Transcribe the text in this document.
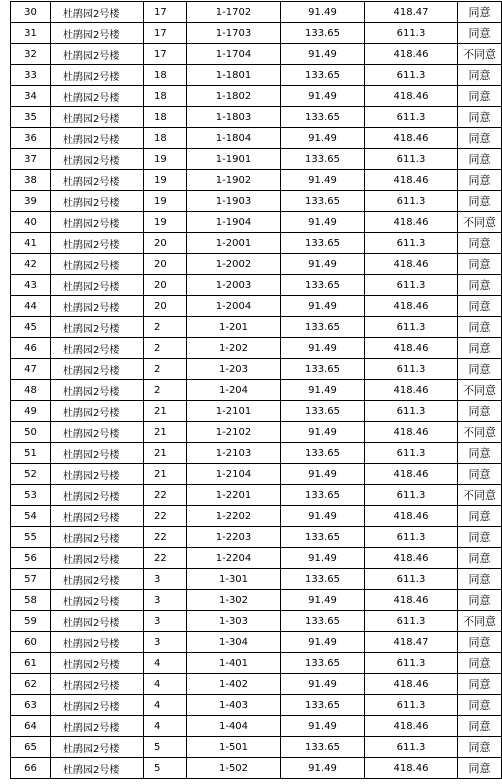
30	杜鹃园2号楼	17	1-1702	91.49	418.47	同意
31	杜鹃园2号楼	17	1-1703	133.65	611.3	同意
32	杜鹃园2号楼	17	1-1704	91.49	418.46	不同意
33	杜鹃园2号楼	18	1-1801	133.65	611.3	同意
34	杜鹃园2号楼	18	1-1802	91.49	418.46	同意
35	杜鹃园2号楼	18	1-1803	133.65	611.3	同意
36	杜鹃园2号楼	18	1-1804	91.49	418.46	同意
37	杜鹃园2号楼	19	1-1901	133.65	611.3	同意
38	杜鹃园2号楼	19	1-1902	91.49	418.46	同意
39	杜鹃园2号楼	19	1-1903	133.65	611.3	同意
40	杜鹃园2号楼	19	1-1904	91.49	418.46	不同意
41	杜鹃园2号楼	20	1-2001	133.65	611.3	同意
42	杜鹃园2号楼	20	1-2002	91.49	418.46	同意
43	杜鹃园2号楼	20	1-2003	133.65	611.3	同意
44	杜鹃园2号楼	20	1-2004	91.49	418.46	同意
45	杜鹃园2号楼	2	1-201	133.65	611.3	同意
46	杜鹃园2号楼	2	1-202	91.49	418.46	同意
47	杜鹃园2号楼	2	1-203	133.65	611.3	同意
48	杜鹃园2号楼	2	1-204	91.49	418.46	不同意
49	杜鹃园2号楼	21	1-2101	133.65	611.3	同意
50	杜鹃园2号楼	21	1-2102	91.49	418.46	不同意
51	杜鹃园2号楼	21	1-2103	133.65	611.3	同意
52	杜鹃园2号楼	21	1-2104	91.49	418.46	同意
53	杜鹃园2号楼	22	1-2201	133.65	611.3	不同意
54	杜鹃园2号楼	22	1-2202	91.49	418.46	同意
55	杜鹃园2号楼	22	1-2203	133.65	611.3	同意
56	杜鹃园2号楼	22	1-2204	91.49	418.46	同意
57	杜鹃园2号楼	3	1-301	133.65	611.3	同意
58	杜鹃园2号楼	3	1-302	91.49	418.46	同意
59	杜鹃园2号楼	3	1-303	133.65	611.3	不同意
60	杜鹃园2号楼	3	1-304	91.49	418.47	同意
61	杜鹃园2号楼	4	1-401	133.65	611.3	同意
62	杜鹃园2号楼	4	1-402	91.49	418.46	同意
63	杜鹃园2号楼	4	1-403	133.65	611.3	同意
64	杜鹃园2号楼	4	1-404	91.49	418.46	同意
65	杜鹃园2号楼	5	1-501	133.65	611.3	同意
66	杜鹃园2号楼	5	1-502	91.49	418.46	同意
